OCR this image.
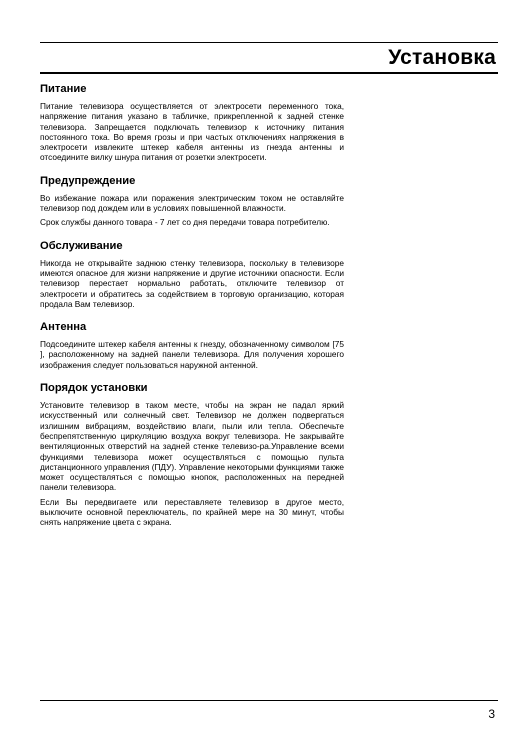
Установка
Питание

Питание телевизора осуществляется от электросети переменного тока, напряжение питания указано в табличке, прикрепленной к задней стенке телевизора. Запрещается подключать телевизор к источнику питания постоянного тока. Во время грозы и при частых отключениях напряжения в электросети извлеките штекер кабеля антенны из гнезда антенны и отсоедините вилку шнура питания от розетки электросети.

Предупреждение

Во избежание пожара или поражения электрическим током не оставляйте телевизор под дождем или в условиях повышенной влажности.

Срок службы данного товара - 7 лет со дня передачи товара потребителю.

Обслуживание

Никогда не открывайте заднюю стенку телевизора, поскольку в телевизоре имеются опасное для жизни напряжение и другие источники опасности. Если телевизор перестает нормально работать, отключите телевизор от электросети и обратитесь за содействием в торговую организацию, которая продала Вам телевизор.

Антенна

Подсоедините штекер кабеля антенны к гнезду, обозначенному символом [75 ], расположенному на задней панели телевизора. Для получения хорошего изображения следует пользоваться наружной антенной.

Порядок установки

Установите телевизор в таком месте, чтобы на экран не падал яркий искусственный или солнечный свет. Телевизор не должен подвергаться излишним вибрациям, воздействию влаги, пыли или тепла. Обеспечьте беспрепятственную циркуляцию воздуха вокруг телевизора. Не закрывайте вентиляционных отверстий на задней стенке телевизо-ра.Управление всеми функциями телевизора может осуществляться с помощью пульта дистанционного управления (ПДУ). Управление некоторыми функциями также может осуществляться с помощью кнопок, расположенных на передней панели телевизора.

Если Вы передвигаете или переставляете телевизор в другое место, выключите основной переключатель, по крайней мере на 30 минут, чтобы снять напряжение цвета с экрана.

3
